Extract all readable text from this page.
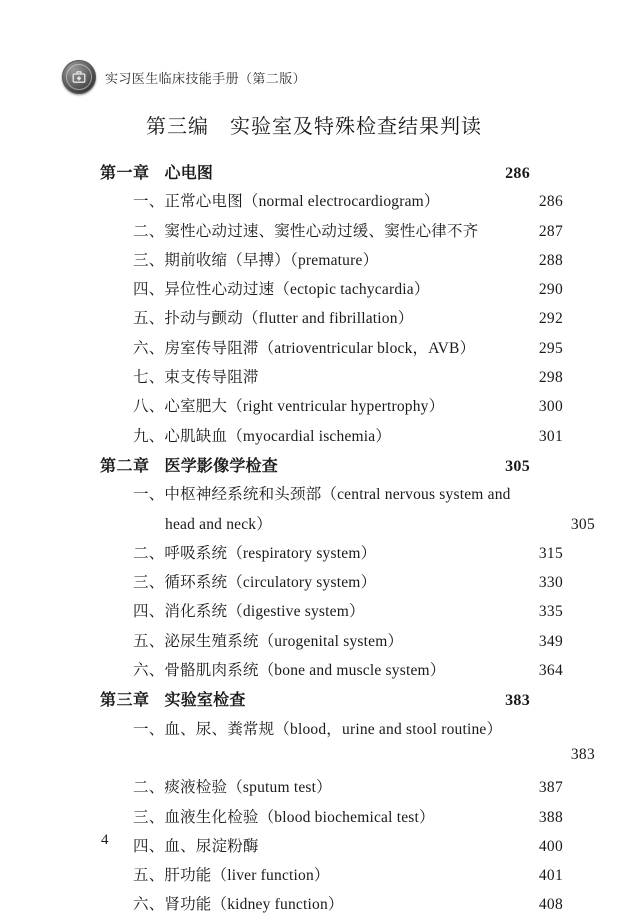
实习医生临床技能手册（第二版）
第三编　实验室及特殊检查结果判读
第一章 心电图	286
一、正常心电图（normal electrocardiogram）	286
二、窦性心动过速、窦性心动过缓、窦性心律不齐	287
三、期前收缩（早搏）（premature）	288
四、异位性心动过速（ectopic tachycardia）	290
五、扑动与颤动（flutter and fibrillation）	292
六、房室传导阻滞（atrioventricular block，AVB）	295
七、束支传导阻滞	298
八、心室肥大（right ventricular hypertrophy）	300
九、心肌缺血（myocardial ischemia）	301
第二章 医学影像学检查	305
一、中枢神经系统和头颈部（central nervous system and
head and neck）	305
二、呼吸系统（respiratory system）	315
三、循环系统（circulatory system）	330
四、消化系统（digestive system）	335
五、泌尿生殖系统（urogenital system）	349
六、骨骼肌肉系统（bone and muscle system）	364
第三章 实验室检查	383
一、血、尿、粪常规（blood，urine and stool routine）
383
二、痰液检验（sputum test）	387
三、血液生化检验（blood biochemical test）	388
四、血、尿淀粉酶	400
五、肝功能（liver function）	401
六、肾功能（kidney function）	408
4
